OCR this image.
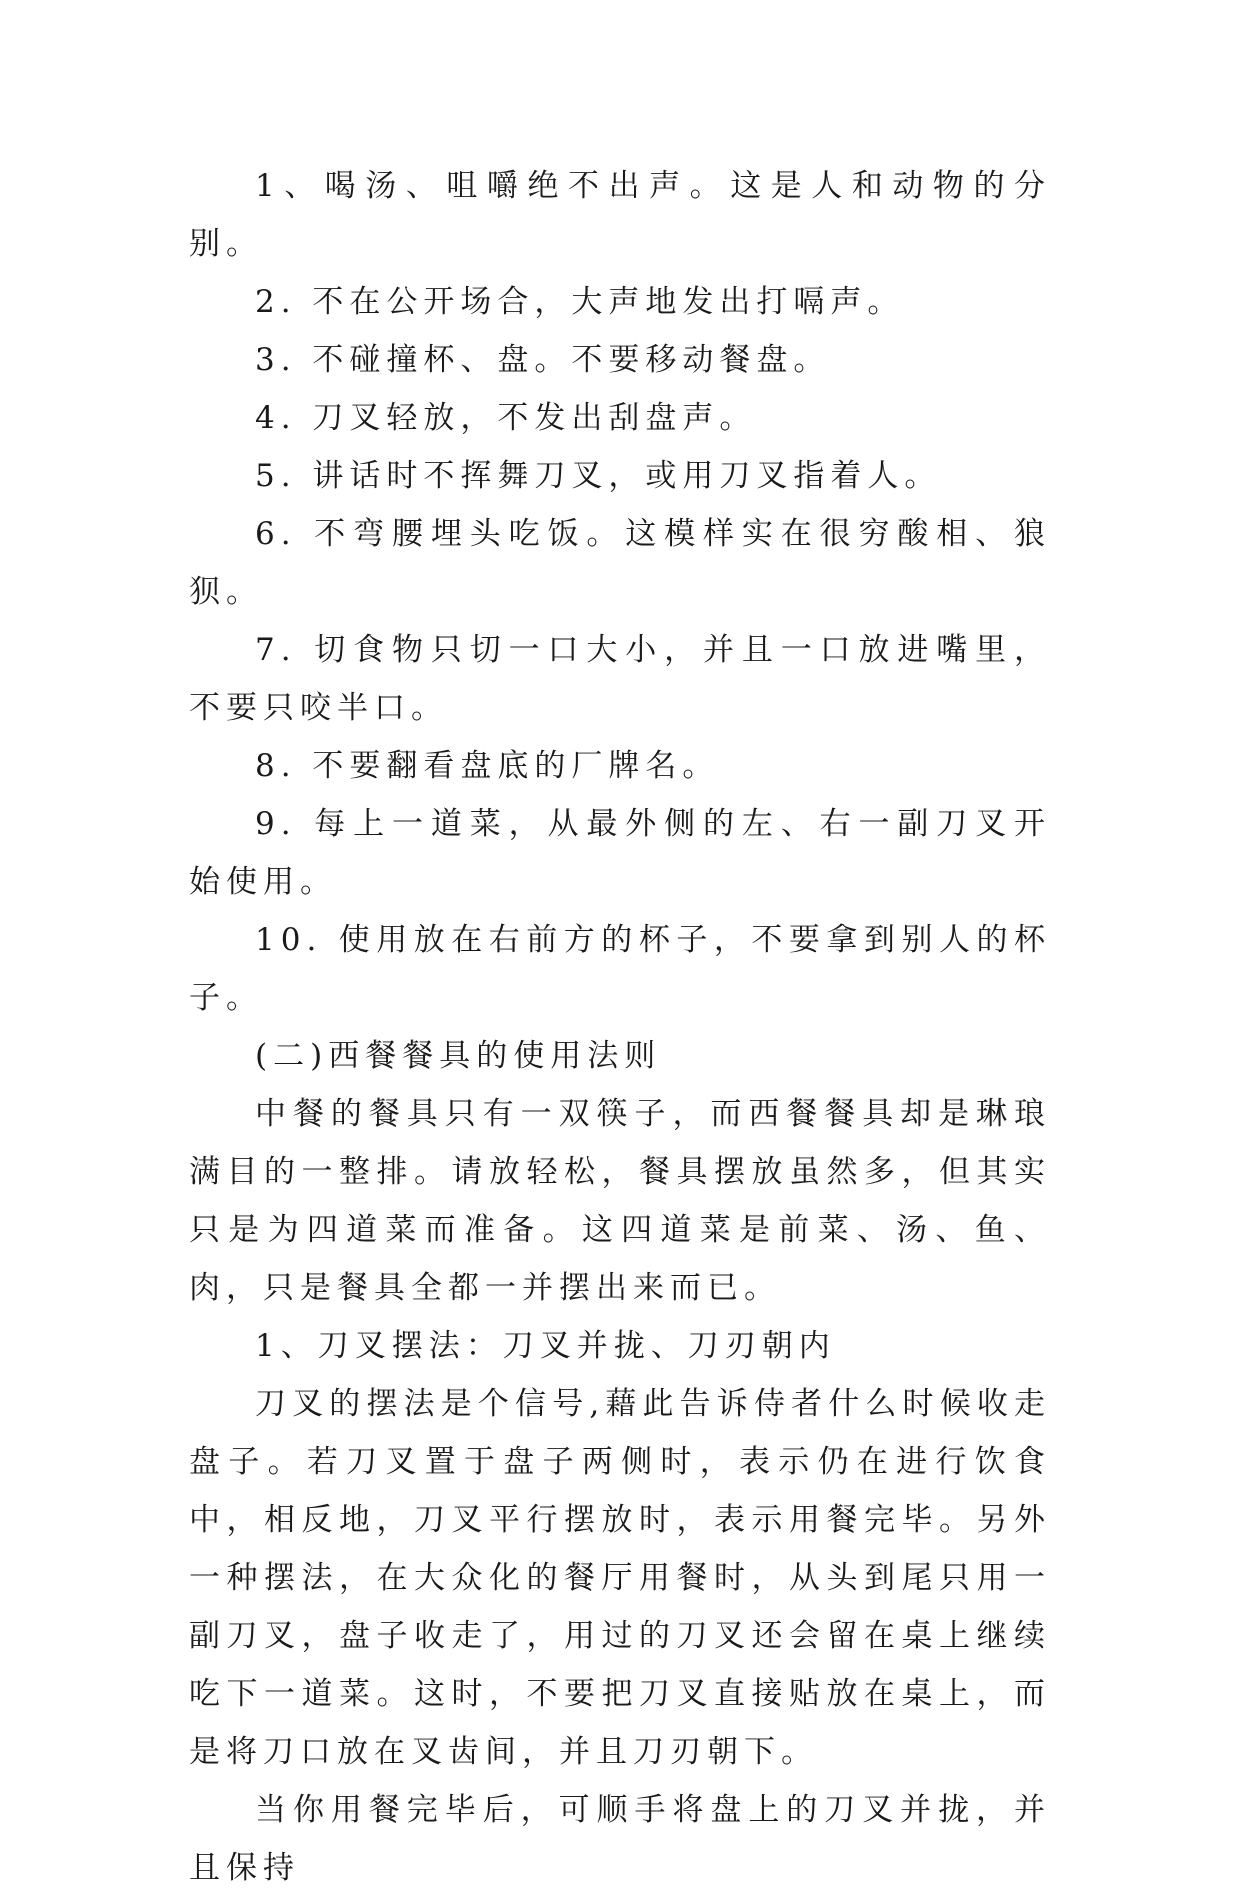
1、喝汤、咀嚼绝不出声。这是人和动物的分别。

2. 不在公开场合，大声地发出打嗝声。

3. 不碰撞杯、盘。不要移动餐盘。

4. 刀叉轻放，不发出刮盘声。

5. 讲话时不挥舞刀叉，或用刀叉指着人。

6. 不弯腰埋头吃饭。这模样实在很穷酸相、狼狈。

7. 切食物只切一口大小，并且一口放进嘴里，不要只咬半口。

8. 不要翻看盘底的厂牌名。

9. 每上一道菜，从最外侧的左、右一副刀叉开始使用。

10. 使用放在右前方的杯子，不要拿到别人的杯子。

(二)西餐餐具的使用法则

中餐的餐具只有一双筷子，而西餐餐具却是琳琅满目的一整排。请放轻松，餐具摆放虽然多，但其实只是为四道菜而准备。这四道菜是前菜、汤、鱼、肉，只是餐具全都一并摆出来而已。

1、刀叉摆法：刀叉并拢、刀刃朝内

刀叉的摆法是个信号,藉此告诉侍者什么时候收走盘子。若刀叉置于盘子两侧时，表示仍在进行饮食中，相反地，刀叉平行摆放时，表示用餐完毕。另外一种摆法，在大众化的餐厅用餐时，从头到尾只用一副刀叉，盘子收走了，用过的刀叉还会留在桌上继续吃下一道菜。这时，不要把刀叉直接贴放在桌上，而是将刀口放在叉齿间，并且刀刃朝下。

当你用餐完毕后，可顺手将盘上的刀叉并拢，并且保持
